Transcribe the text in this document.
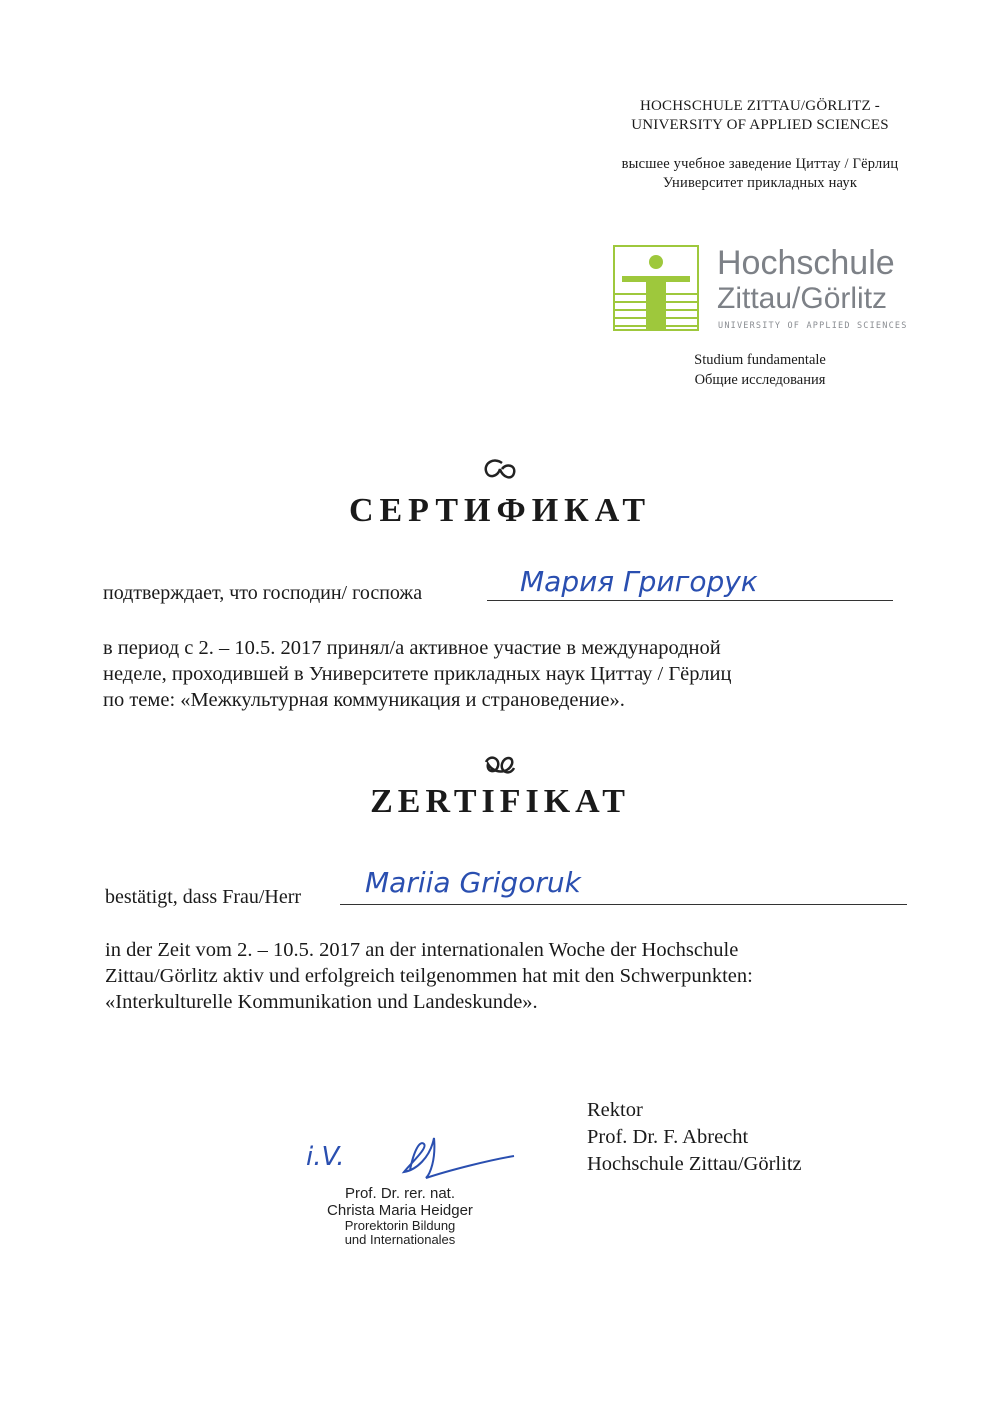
HOCHSCHULE ZITTAU/GÖRLITZ -
UNIVERSITY OF APPLIED SCIENCES
высшее учебное заведение Циттау / Гёрлиц
Университет прикладных наук
Hochschule
Zittau/Görlitz
UNIVERSITY OF APPLIED SCIENCES
Studium fundamentale
Общие исследования
СЕРТИФИКАТ
подтверждает, что господин/ госпожа	Мария Григорук
в период с 2. – 10.5. 2017 принял/а активное участие в международной
неделе, проходившей в Университете прикладных наук Циттау / Гёрлиц
по теме: «Межкультурная коммуникация и страноведение».
ZERTIFIKAT
bestätigt, dass Frau/Herr Mariia Grigoruk
in der Zeit vom 2. – 10.5. 2017 an der internationalen Woche der Hochschule
Zittau/Görlitz aktiv und erfolgreich teilgenommen hat mit den Schwerpunkten:
«Interkulturelle Kommunikation und Landeskunde».
Rektor
Prof. Dr. F. Abrecht
Hochschule Zittau/Görlitz
i.V.
Prof. Dr. rer. nat.
Christa Maria Heidger
Prorektorin Bildung
und Internationales
